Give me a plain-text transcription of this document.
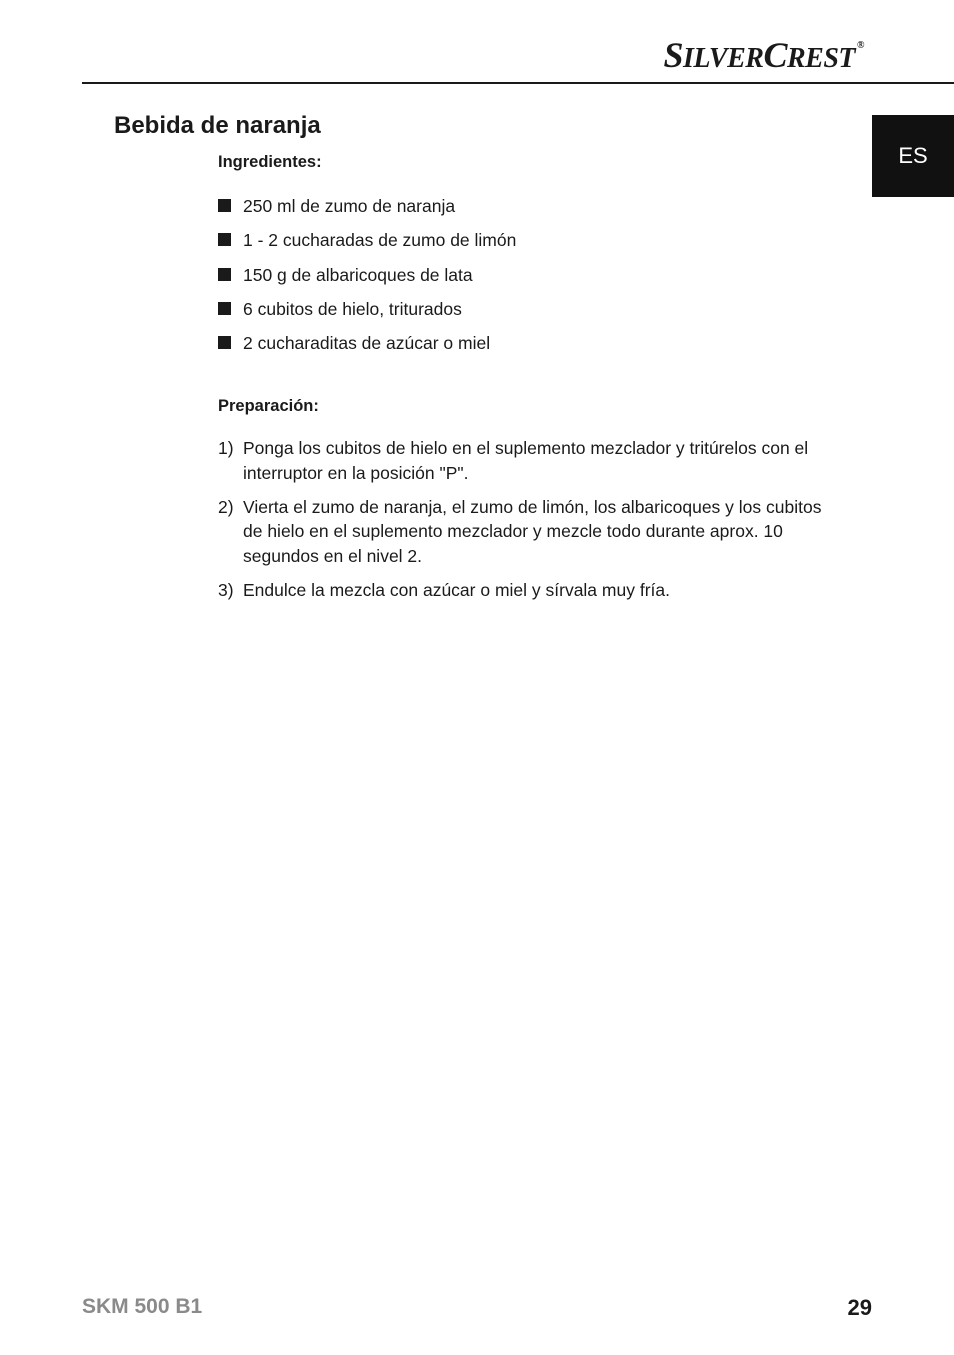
SILVERCREST ®
ES
Bebida de naranja
Ingredientes:
250 ml de zumo de naranja
1 - 2 cucharadas de zumo de limón
150 g de albaricoques de lata
6 cubitos de hielo, triturados
2 cucharaditas de azúcar o miel
Preparación:
1) Ponga los cubitos de hielo en el suplemento mezclador y tritúrelos con el interruptor en la posición "P".
2) Vierta el zumo de naranja, el zumo de limón, los albaricoques y los cubitos de hielo en el suplemento mezclador y mezcle todo durante aprox. 10 segundos en el nivel 2.
3) Endulce la mezcla con azúcar o miel y sírvala muy fría.
SKM 500 B1	29
